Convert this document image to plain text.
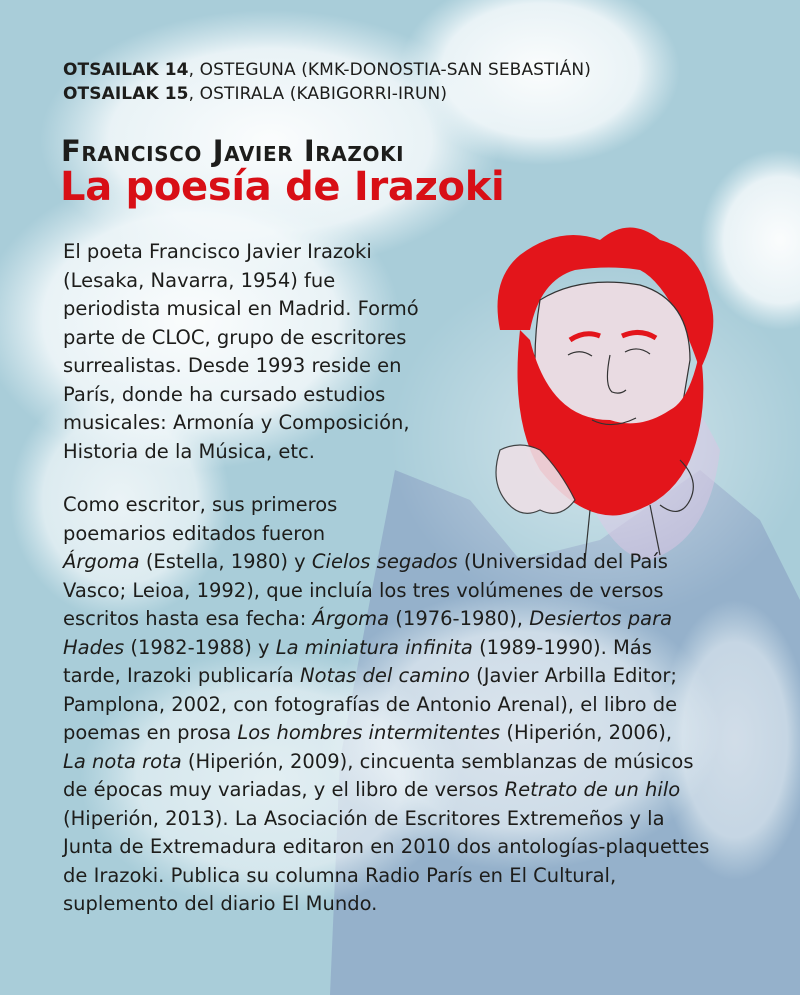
OTSAILAK 14, OSTEGUNA (KMK-DONOSTIA-SAN SEBASTIÁN)
OTSAILAK 15, OSTIRALA (KABIGORRI-IRUN)
Francisco Javier Irazoki
La poesía de Irazoki
El poeta Francisco Javier Irazoki
(Lesaka, Navarra, 1954) fue
periodista musical en Madrid. Formó
parte de CLOC, grupo de escritores
surrealistas. Desde 1993 reside en
París, donde ha cursado estudios
musicales: Armonía y Composición,
Historia de la Música, etc.
Como escritor, sus primeros
poemarios editados fueron
Árgoma (Estella, 1980) y Cielos segados (Universidad del País
Vasco; Leioa, 1992), que incluía los tres volúmenes de versos
escritos hasta esa fecha: Árgoma (1976-1980), Desiertos para
Hades (1982-1988) y La miniatura infinita (1989-1990). Más
tarde, Irazoki publicaría Notas del camino (Javier Arbilla Editor;
Pamplona, 2002, con fotografías de Antonio Arenal), el libro de
poemas en prosa Los hombres intermitentes (Hiperión, 2006),
La nota rota (Hiperión, 2009), cincuenta semblanzas de músicos
de épocas muy variadas, y el libro de versos Retrato de un hilo
(Hiperión, 2013). La Asociación de Escritores Extremeños y la
Junta de Extremadura editaron en 2010 dos antologías-plaquettes
de Irazoki. Publica su columna Radio París en El Cultural,
suplemento del diario El Mundo.
